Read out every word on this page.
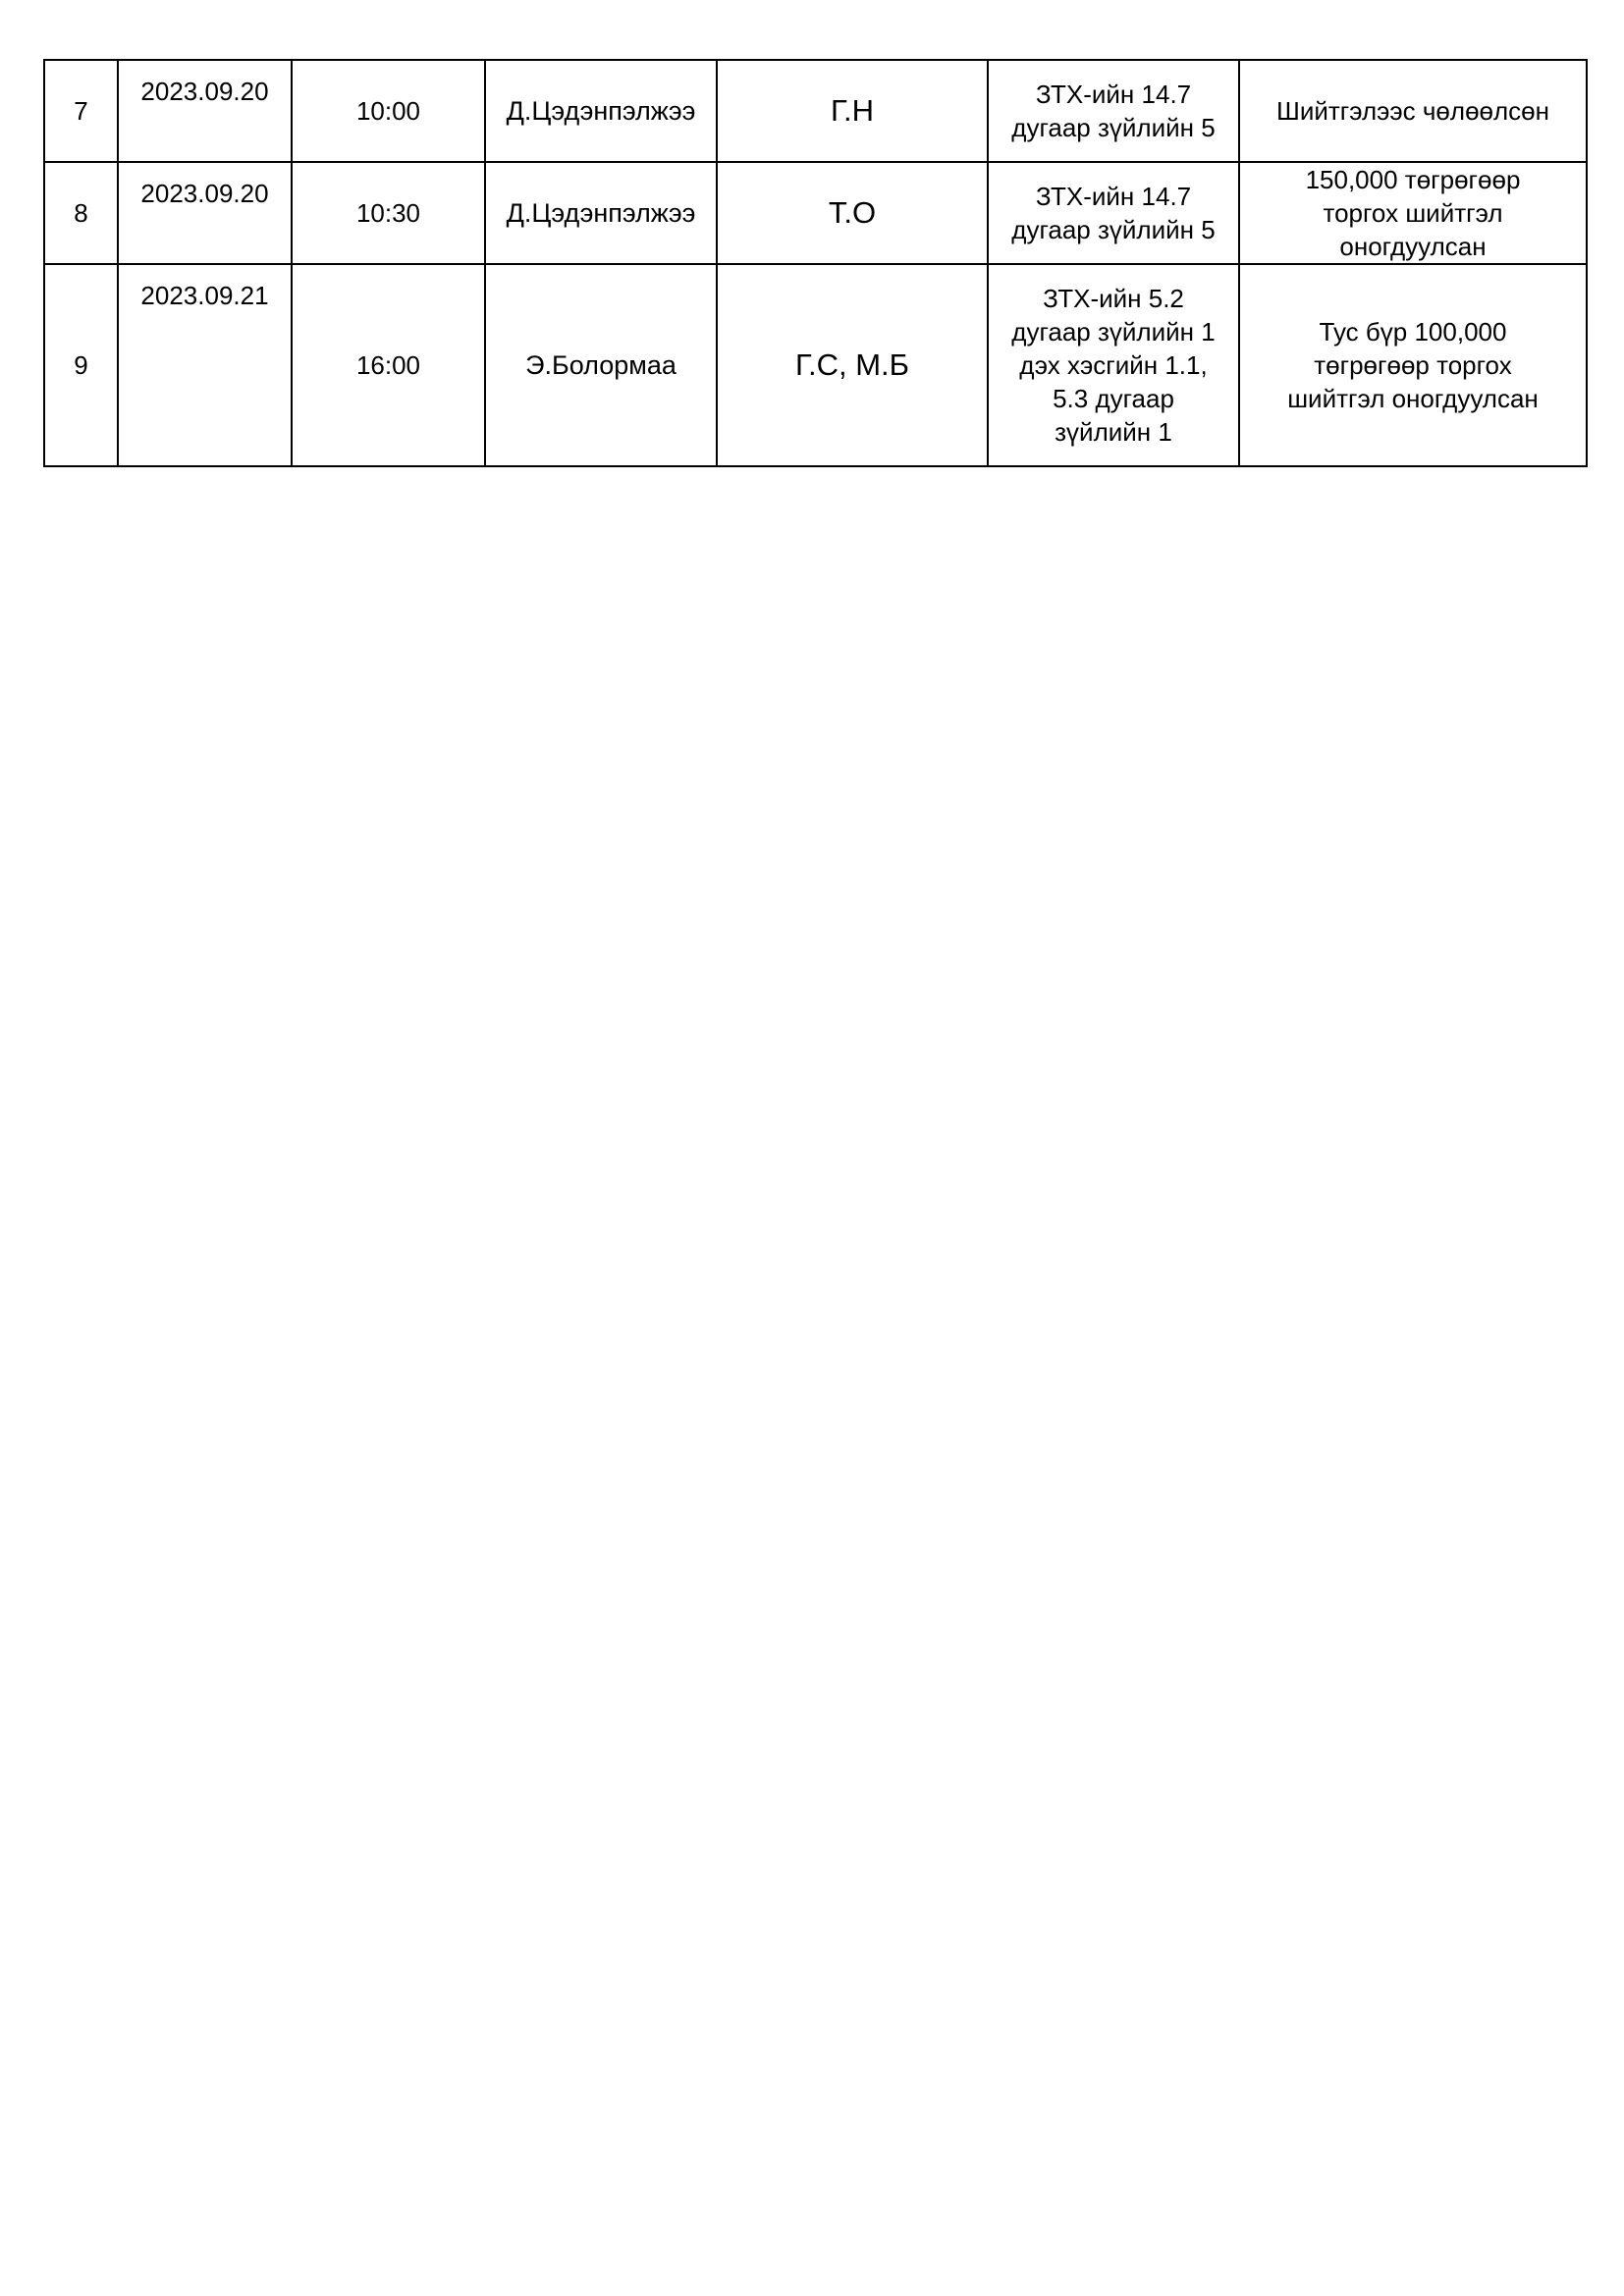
7	2023.09.20	10:00	Д.Цэдэнпэлжээ	Г.Н	ЗТХ-ийн 14.7
дугаар зүйлийн 5	Шийтгэлээс чөлөөлсөн
8	2023.09.20	10:30	Д.Цэдэнпэлжээ	Т.О	ЗТХ-ийн 14.7
дугаар зүйлийн 5	150,000 төгрөгөөр
торгох шийтгэл
оногдуулсан
9	2023.09.21	16:00	Э.Болормаа	Г.С, М.Б	ЗТХ-ийн 5.2
дугаар зүйлийн 1
дэх хэсгийн 1.1,
5.3 дугаар
зүйлийн 1	Тус бүр 100,000
төгрөгөөр торгох
шийтгэл оногдуулсан
